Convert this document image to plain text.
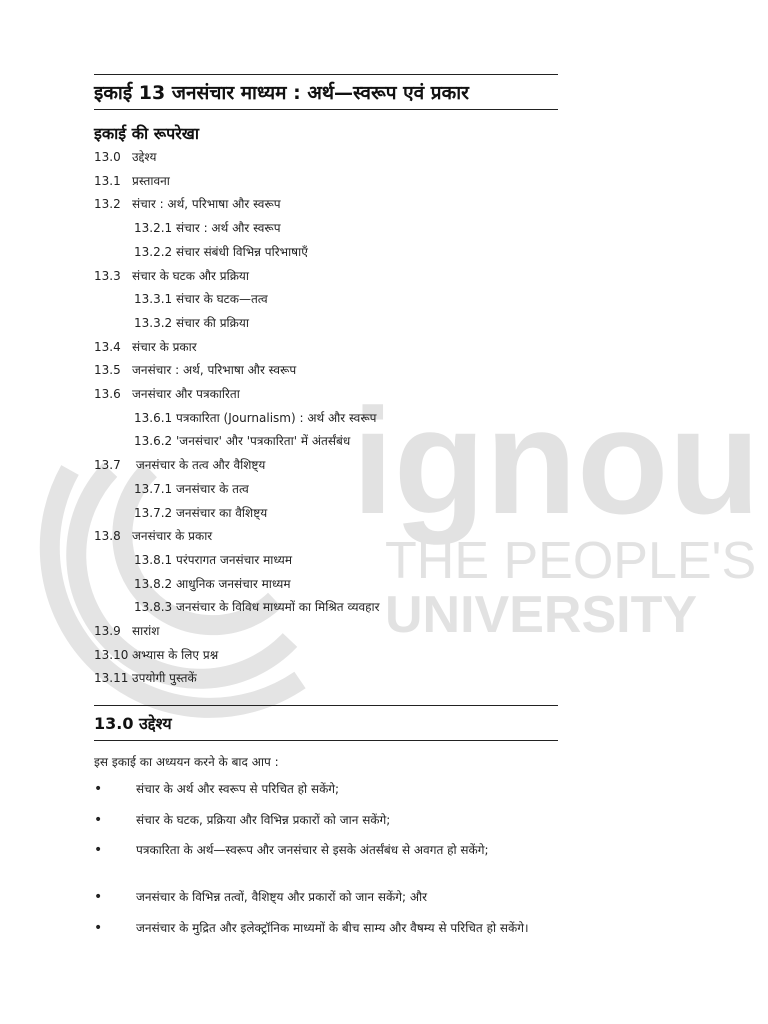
ignou
THE PEOPLE'S
UNIVERSITY
इकाई 13 जनसंचार माध्यम : अर्थ—स्वरूप एवं प्रकार
इकाई की रूपरेखा
13.0 उद्देश्य
13.1 प्रस्तावना
13.2 संचार : अर्थ, परिभाषा और स्वरूप
13.2.1 संचार : अर्थ और स्वरूप
13.2.2 संचार संबंधी विभिन्न परिभाषाएँ
13.3 संचार के घटक और प्रक्रिया
13.3.1 संचार के घटक—तत्व
13.3.2 संचार की प्रक्रिया
13.4 संचार के प्रकार
13.5 जनसंचार : अर्थ, परिभाषा और स्वरूप
13.6 जनसंचार और पत्रकारिता
13.6.1 पत्रकारिता (Journalism) : अर्थ और स्वरूप
13.6.2 'जनसंचार' और 'पत्रकारिता' में अंतर्संबंध
13.7 जनसंचार के तत्व और वैशिष्ट्य
13.7.1 जनसंचार के तत्व
13.7.2 जनसंचार का वैशिष्ट्य
13.8 जनसंचार के प्रकार
13.8.1 परंपरागत जनसंचार माध्यम
13.8.2 आधुनिक जनसंचार माध्यम
13.8.3 जनसंचार के विविध माध्यमों का मिश्रित व्यवहार
13.9 सारांश
13.10 अभ्यास के लिए प्रश्न
13.11 उपयोगी पुस्तकें
13.0 उद्देश्य
इस इकाई का अध्ययन करने के बाद आप :
•	संचार के अर्थ और स्वरूप से परिचित हो सकेंगे;
•	संचार के घटक, प्रक्रिया और विभिन्न प्रकारों को जान सकेंगे;
•	पत्रकारिता के अर्थ—स्वरूप और जनसंचार से इसके अंतर्संबंध से अवगत हो सकेंगे;
•	जनसंचार के विभिन्न तत्वों, वैशिष्ट्य और प्रकारों को जान सकेंगे; और
•	जनसंचार के मुद्रित और इलेक्ट्रॉनिक माध्यमों के बीच साम्य और वैषम्य से परिचित हो सकेंगे।
